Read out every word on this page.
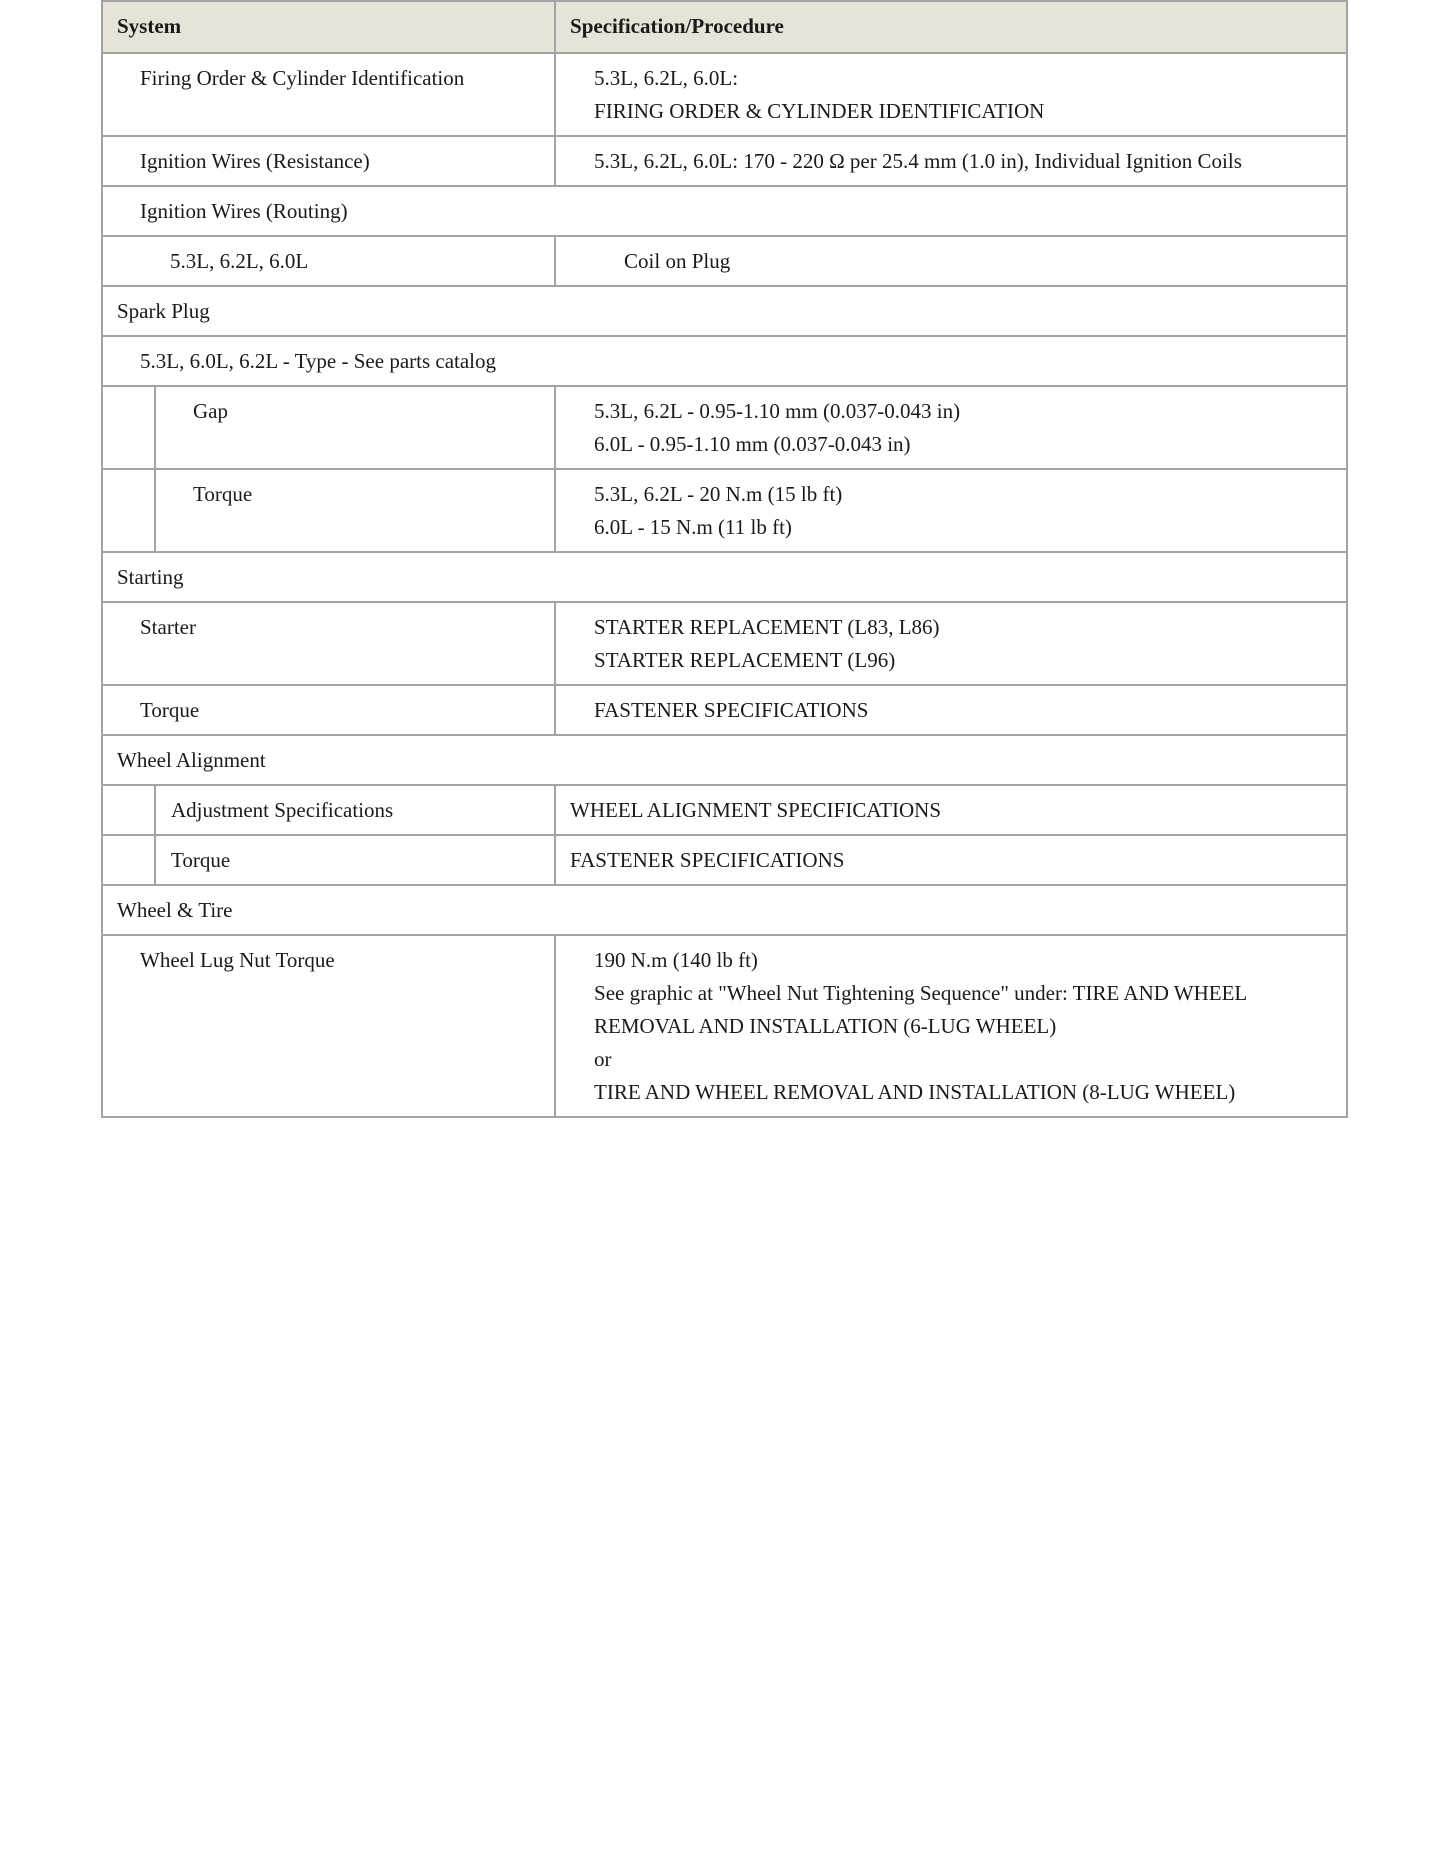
System		Specification/Procedure
Firing Order & Cylinder Identification		5.3L, 6.2L, 6.0L:
FIRING ORDER & CYLINDER IDENTIFICATION

Ignition Wires (Resistance)		5.3L, 6.2L, 6.0L: 170 - 220 Ω per 25.4 mm (1.0 in), Individual Ignition Coils
Ignition Wires (Routing)		
5.3L, 6.2L, 6.0L		Coil on Plug
Spark Plug		
5.3L, 6.0L, 6.2L - Type - See parts catalog		
	Gap	5.3L, 6.2L - 0.95-1.10 mm (0.037-0.043 in)
6.0L - 0.95-1.10 mm (0.037-0.043 in)

	Torque	5.3L, 6.2L - 20 N.m (15 lb ft)
6.0L - 15 N.m (11 lb ft)

Starting		
Starter		STARTER REPLACEMENT (L83, L86)
STARTER REPLACEMENT (L96)

Torque		FASTENER SPECIFICATIONS
Wheel Alignment		
	Adjustment Specifications	WHEEL ALIGNMENT SPECIFICATIONS
	Torque	FASTENER SPECIFICATIONS
Wheel & Tire		
Wheel Lug Nut Torque		190 N.m (140 lb ft)
See graphic at "Wheel Nut Tightening Sequence" under: TIRE AND WHEEL REMOVAL AND INSTALLATION (6-LUG WHEEL)
or
TIRE AND WHEEL REMOVAL AND INSTALLATION (8-LUG WHEEL)
